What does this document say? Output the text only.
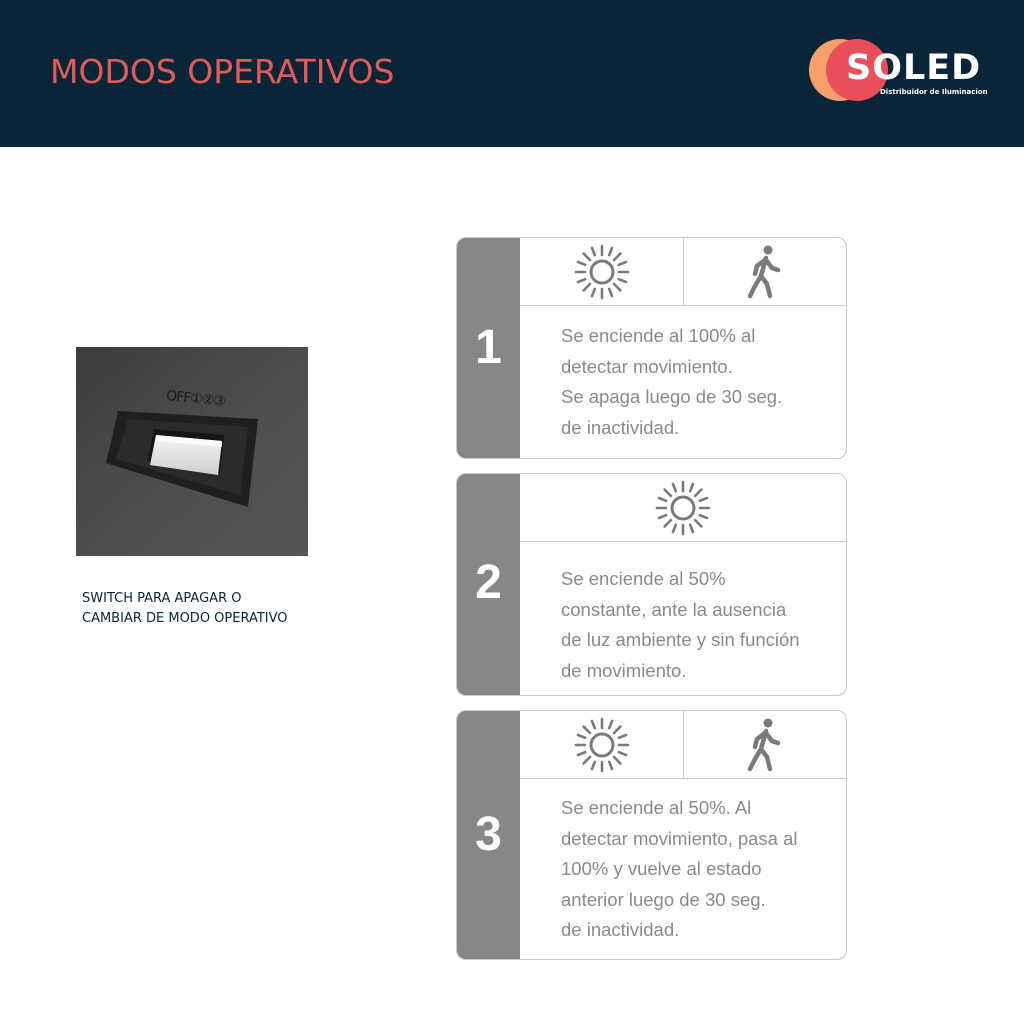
MODOS OPERATIVOS	SOLED
Distribuidor de Iluminacion
OFF①②③
SWITCH PARA APAGAR O
CAMBIAR DE MODO OPERATIVO
1	Se enciende al 100% al
detectar movimiento.
Se apaga luego de 30 seg.
de inactividad.
2	Se enciende al 50%
constante, ante la ausencia
de luz ambiente y sin función
de movimiento.
3
Se enciende al 50%. Al
detectar movimiento, pasa al
100% y vuelve al estado
anterior luego de 30 seg.
de inactividad.
